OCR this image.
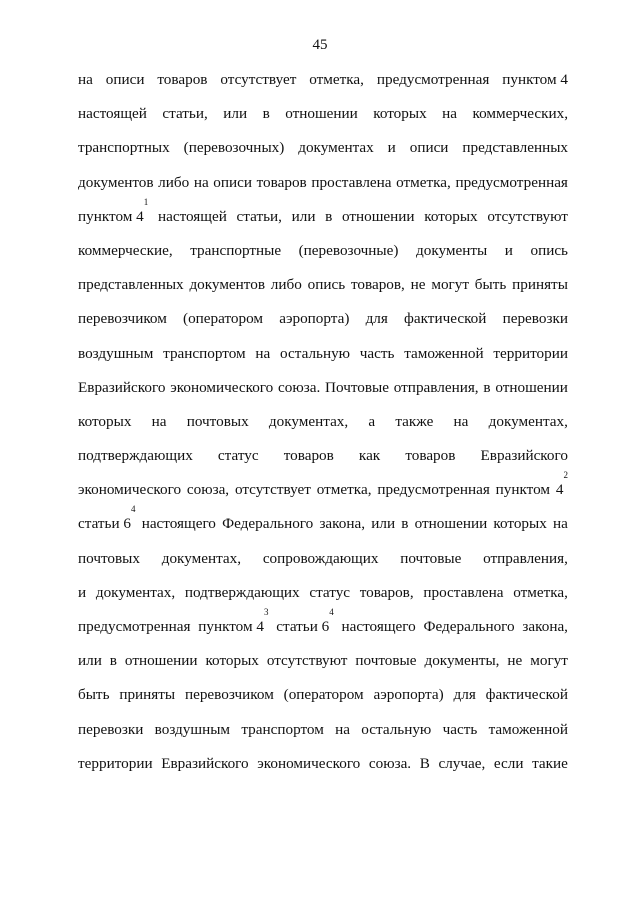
45
на описи товаров отсутствует отметка, предусмотренная пунктом 4
настоящей статьи, или в отношении которых на коммерческих,
транспортных (перевозочных) документах и описи представленных
документов либо на описи товаров проставлена отметка, предусмотренная
пунктом $4^1$
настоящей статьи, или в отношении которых отсутствуют
коммерческие, транспортные (перевозочные) документы и опись
представленных документов либо опись товаров, не могут быть приняты
перевозчиком (оператором аэропорта) для фактической перевозки
воздушным транспортом на остальную часть таможенной территории
Евразийского экономического союза. Почтовые отправления, в отношении
которых на почтовых документах, а также на документах,
подтверждающих статус товаров как товаров Евразийского
экономического союза, отсутствует отметка, предусмотренная пунктом $4^2$
статьи $6^4$
настоящего Федерального закона, или в отношении которых на
почтовых документах, сопровождающих почтовые отправления,
и документах, подтверждающих статус товаров, проставлена отметка,
предусмотренная пунктом $4^3$
статьи $6^4$
настоящего Федерального закона,
или в отношении которых отсутствуют почтовые документы, не могут
быть приняты перевозчиком (оператором аэропорта) для фактической
перевозки воздушным транспортом на остальную часть таможенной
территории Евразийского экономического союза. В случае, если такие
